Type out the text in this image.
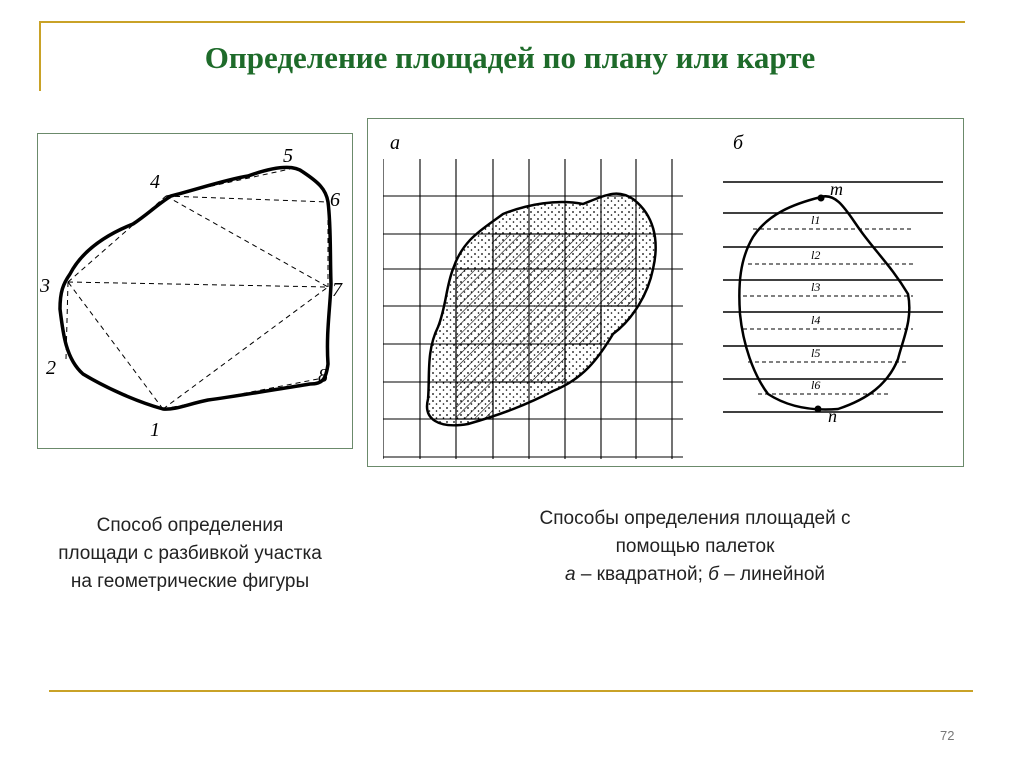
Определение площадей по плану или карте
1
2
3
4
5
6
7
8
а	б
m
n
l1
l2
l3
l4
l5
l6
Способ определения
площади с разбивкой участка
на геометрические фигуры
Способы определения площадей с
помощью палеток
а – квадратной; б – линейной
72
